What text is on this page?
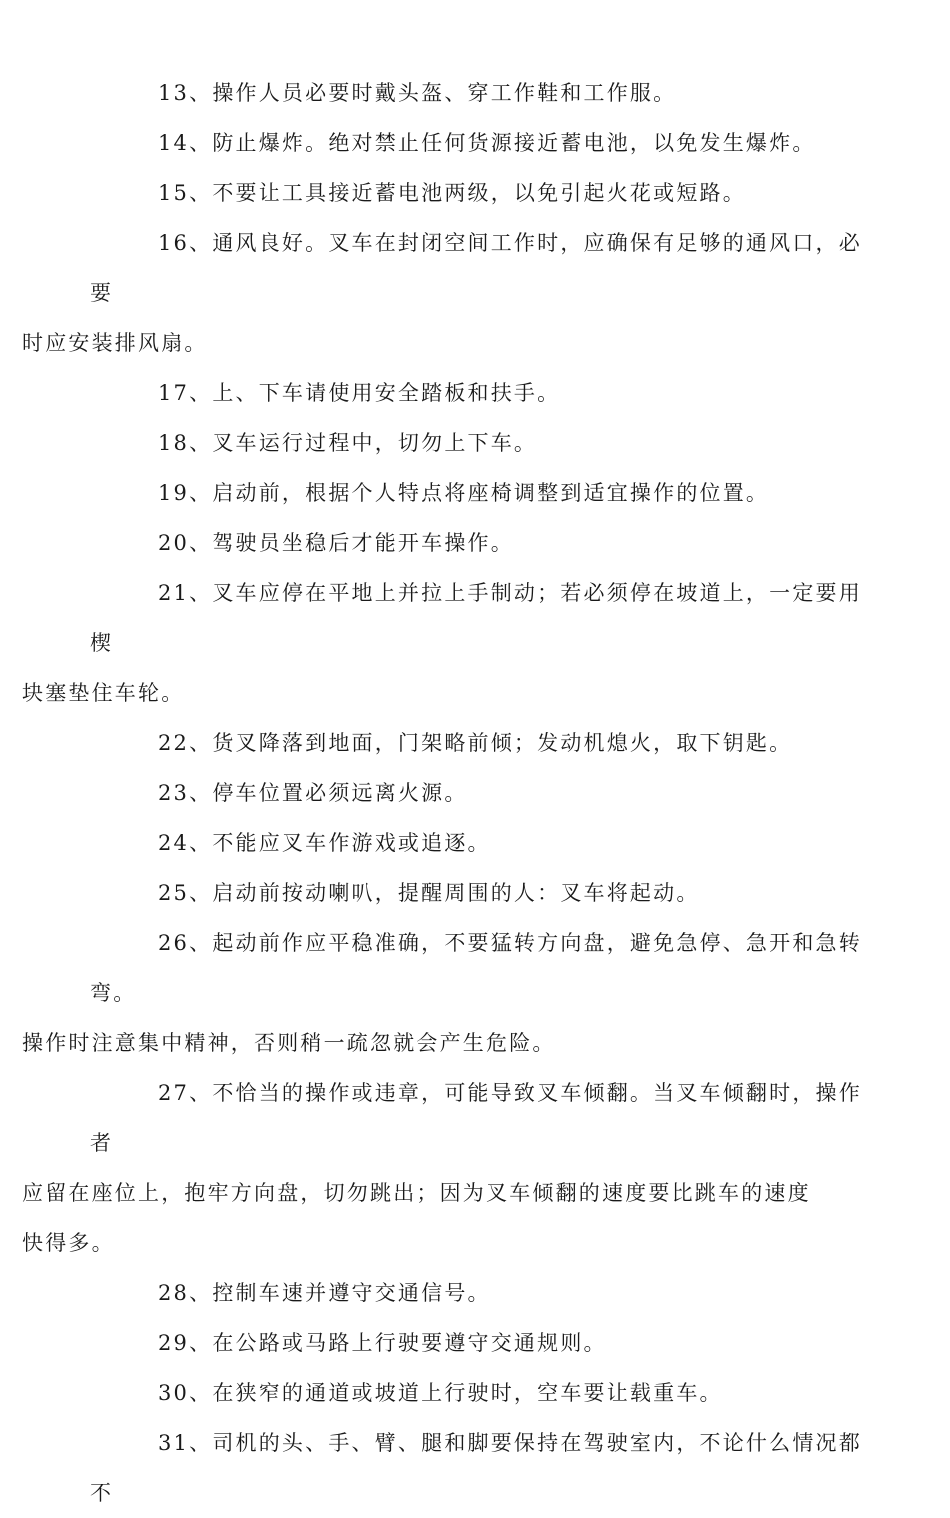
13、操作人员必要时戴头盔、穿工作鞋和工作服。

14、防止爆炸。绝对禁止任何货源接近蓄电池，以免发生爆炸。

15、不要让工具接近蓄电池两级，以免引起火花或短路。

16、通风良好。叉车在封闭空间工作时，应确保有足够的通风口，必要
时应安装排风扇。

17、上、下车请使用安全踏板和扶手。

18、叉车运行过程中，切勿上下车。

19、启动前，根据个人特点将座椅调整到适宜操作的位置。

20、驾驶员坐稳后才能开车操作。

21、叉车应停在平地上并拉上手制动；若必须停在坡道上，一定要用楔
块塞垫住车轮。

22、货叉降落到地面，门架略前倾；发动机熄火，取下钥匙。

23、停车位置必须远离火源。

24、不能应叉车作游戏或追逐。

25、启动前按动喇叭，提醒周围的人：叉车将起动。

26、起动前作应平稳准确，不要猛转方向盘，避免急停、急开和急转弯。
操作时注意集中精神，否则稍一疏忽就会产生危险。

27、不恰当的操作或违章，可能导致叉车倾翻。当叉车倾翻时，操作者
应留在座位上，抱牢方向盘，切勿跳出；因为叉车倾翻的速度要比跳车的速度
快得多。

28、控制车速并遵守交通信号。

29、在公路或马路上行驶要遵守交通规则。

30、在狭窄的通道或坡道上行驶时，空车要让载重车。

31、司机的头、手、臂、腿和脚要保持在驾驶室内，不论什么情况都不
